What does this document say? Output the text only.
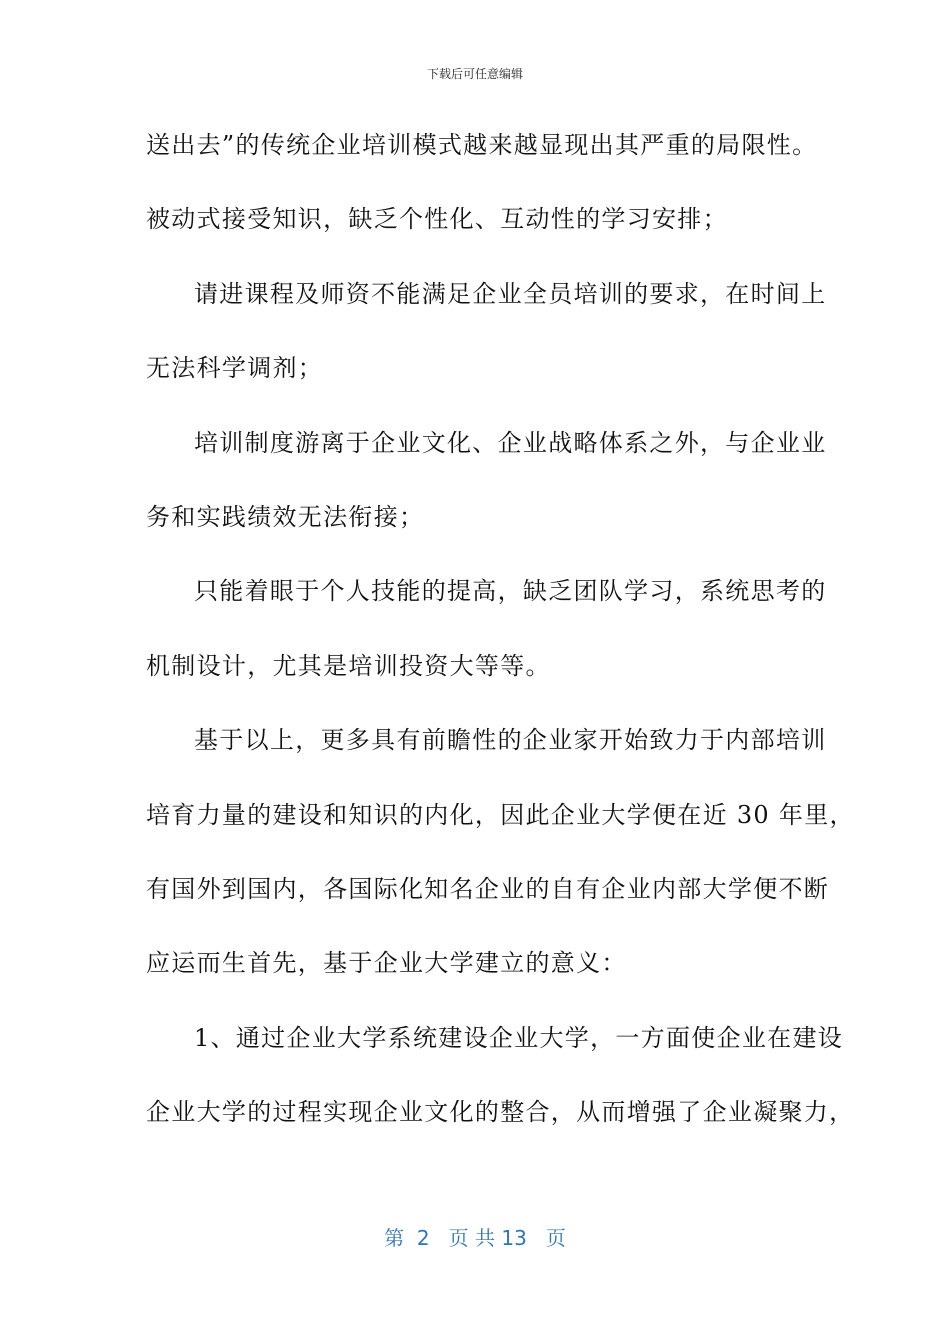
下载后可任意编辑
送出去”的传统企业培训模式越来越显现出其严重的局限性。
被动式接受知识，缺乏个性化、互动性的学习安排；
请进课程及师资不能满足企业全员培训的要求，在时间上
无法科学调剂；
培训制度游离于企业文化、企业战略体系之外，与企业业
务和实践绩效无法衔接；
只能着眼于个人技能的提高，缺乏团队学习，系统思考的
机制设计，尤其是培训投资大等等。
基于以上，更多具有前瞻性的企业家开始致力于内部培训
培育力量的建设和知识的内化，因此企业大学便在近 30 年里，
有国外到国内，各国际化知名企业的自有企业内部大学便不断
应运而生首先，基于企业大学建立的意义：
1、通过企业大学系统建设企业大学，一方面使企业在建设
企业大学的过程实现企业文化的整合，从而增强了企业凝聚力，
第  2   页 共 13   页
